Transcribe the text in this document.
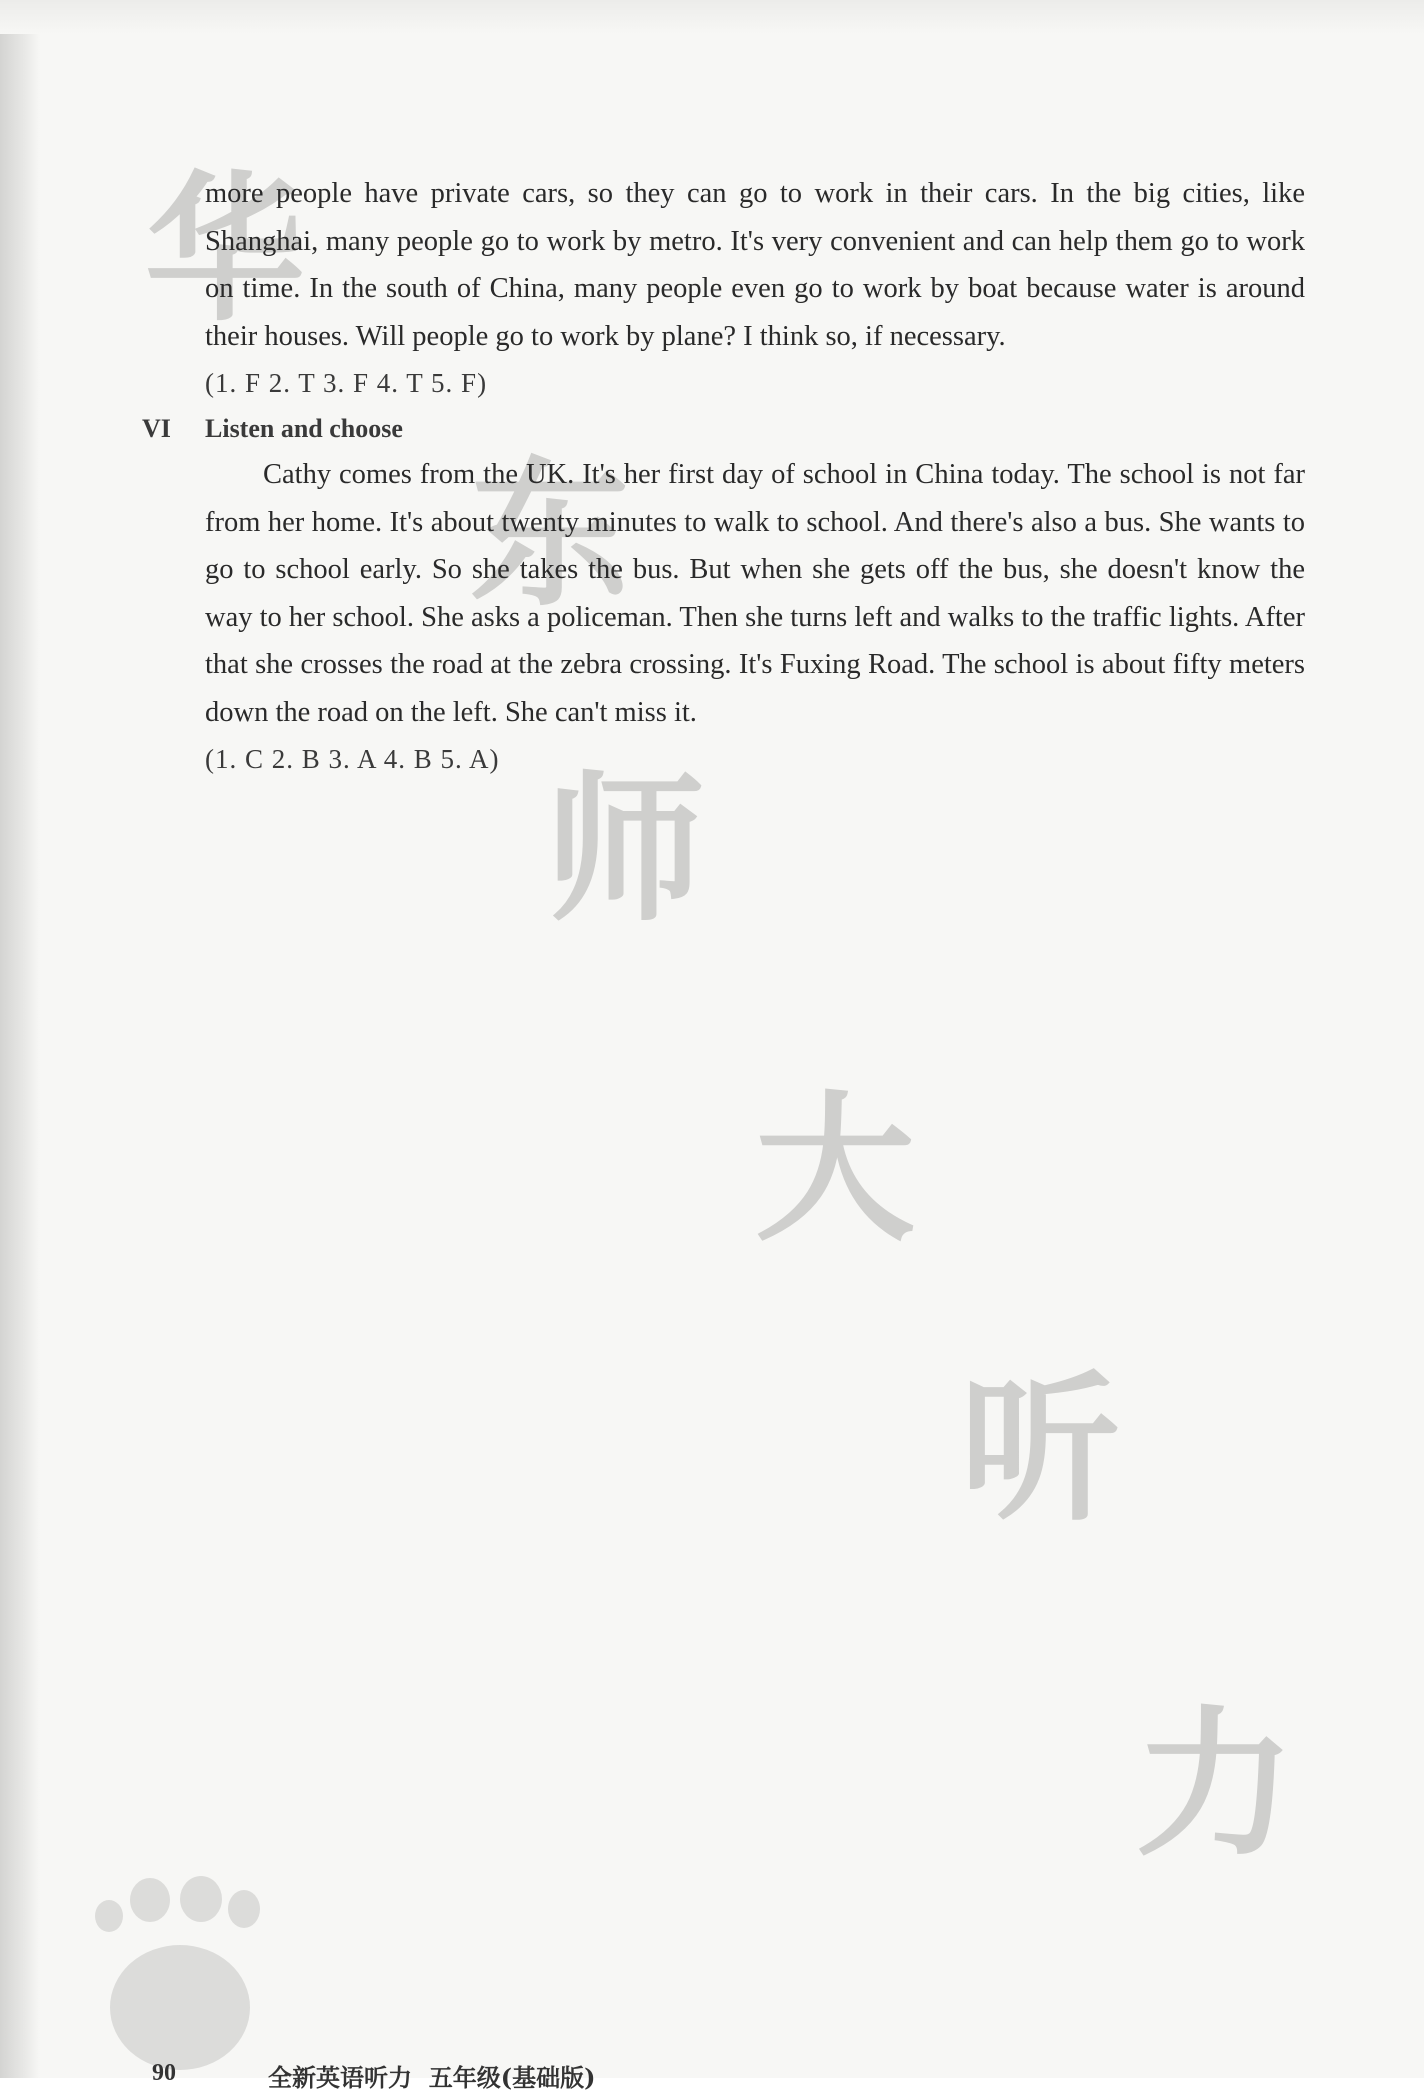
华
东
师
大
听
力

more people have private cars, so they can go to work in their cars. In the big cities, like Shanghai, many people go to work by metro. It's very convenient and can help them go to work on time. In the south of China, many people even go to work by boat because water is around their houses. Will people go to work by plane? I think so, if necessary.

(1. F 2. T 3. F 4. T 5. F)

VI Listen and choose

Cathy comes from the UK. It's her first day of school in China today. The school is not far from her home. It's about twenty minutes to walk to school. And there's also a bus. She wants to go to school early. So she takes the bus. But when she gets off the bus, she doesn't know the way to her school. She asks a policeman. Then she turns left and walks to the traffic lights. After that she crosses the road at the zebra crossing. It's Fuxing Road. The school is about fifty meters down the road on the left. She can't miss it.

(1. C 2. B 3. A 4. B 5. A)

90	全新英语听力  五年级(基础版)
